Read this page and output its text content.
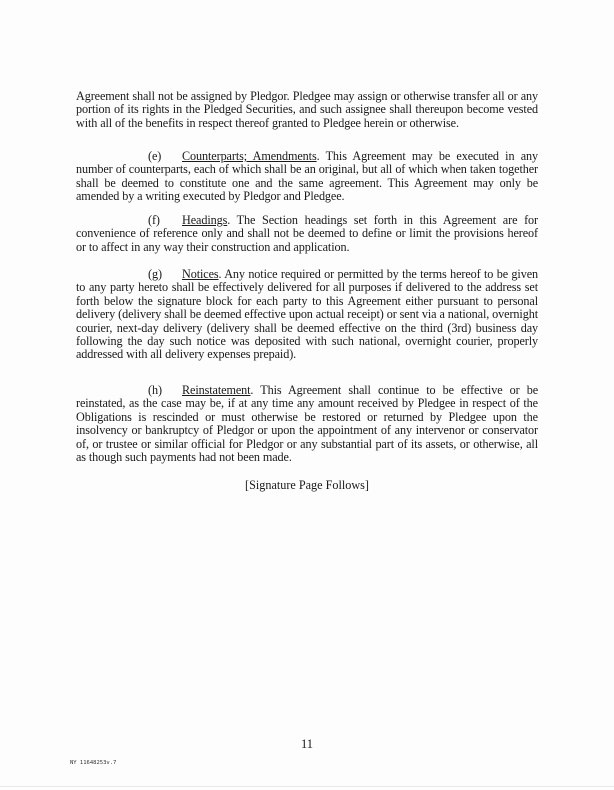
Agreement shall not be assigned by Pledgor. Pledgee may assign or otherwise transfer all or any portion of its rights in the Pledged Securities, and such assignee shall thereupon become vested with all of the benefits in respect thereof granted to Pledgee herein or otherwise.

(e) Counterparts; Amendments. This Agreement may be executed in any number of counterparts, each of which shall be an original, but all of which when taken together shall be deemed to constitute one and the same agreement. This Agreement may only be amended by a writing executed by Pledgor and Pledgee.

(f) Headings. The Section headings set forth in this Agreement are for convenience of reference only and shall not be deemed to define or limit the provisions hereof or to affect in any way their construction and application.

(g) Notices. Any notice required or permitted by the terms hereof to be given to any party hereto shall be effectively delivered for all purposes if delivered to the address set forth below the signature block for each party to this Agreement either pursuant to personal delivery (delivery shall be deemed effective upon actual receipt) or sent via a national, overnight courier, next-day delivery (delivery shall be deemed effective on the third (3rd) business day following the day such notice was deposited with such national, overnight courier, properly addressed with all delivery expenses prepaid).

(h) Reinstatement. This Agreement shall continue to be effective or be reinstated, as the case may be, if at any time any amount received by Pledgee in respect of the Obligations is rescinded or must otherwise be restored or returned by Pledgee upon the insolvency or bankruptcy of Pledgor or upon the appointment of any intervenor or conservator of, or trustee or similar official for Pledgor or any substantial part of its assets, or otherwise, all as though such payments had not been made.

[Signature Page Follows]
11
NY 11648253v.7
